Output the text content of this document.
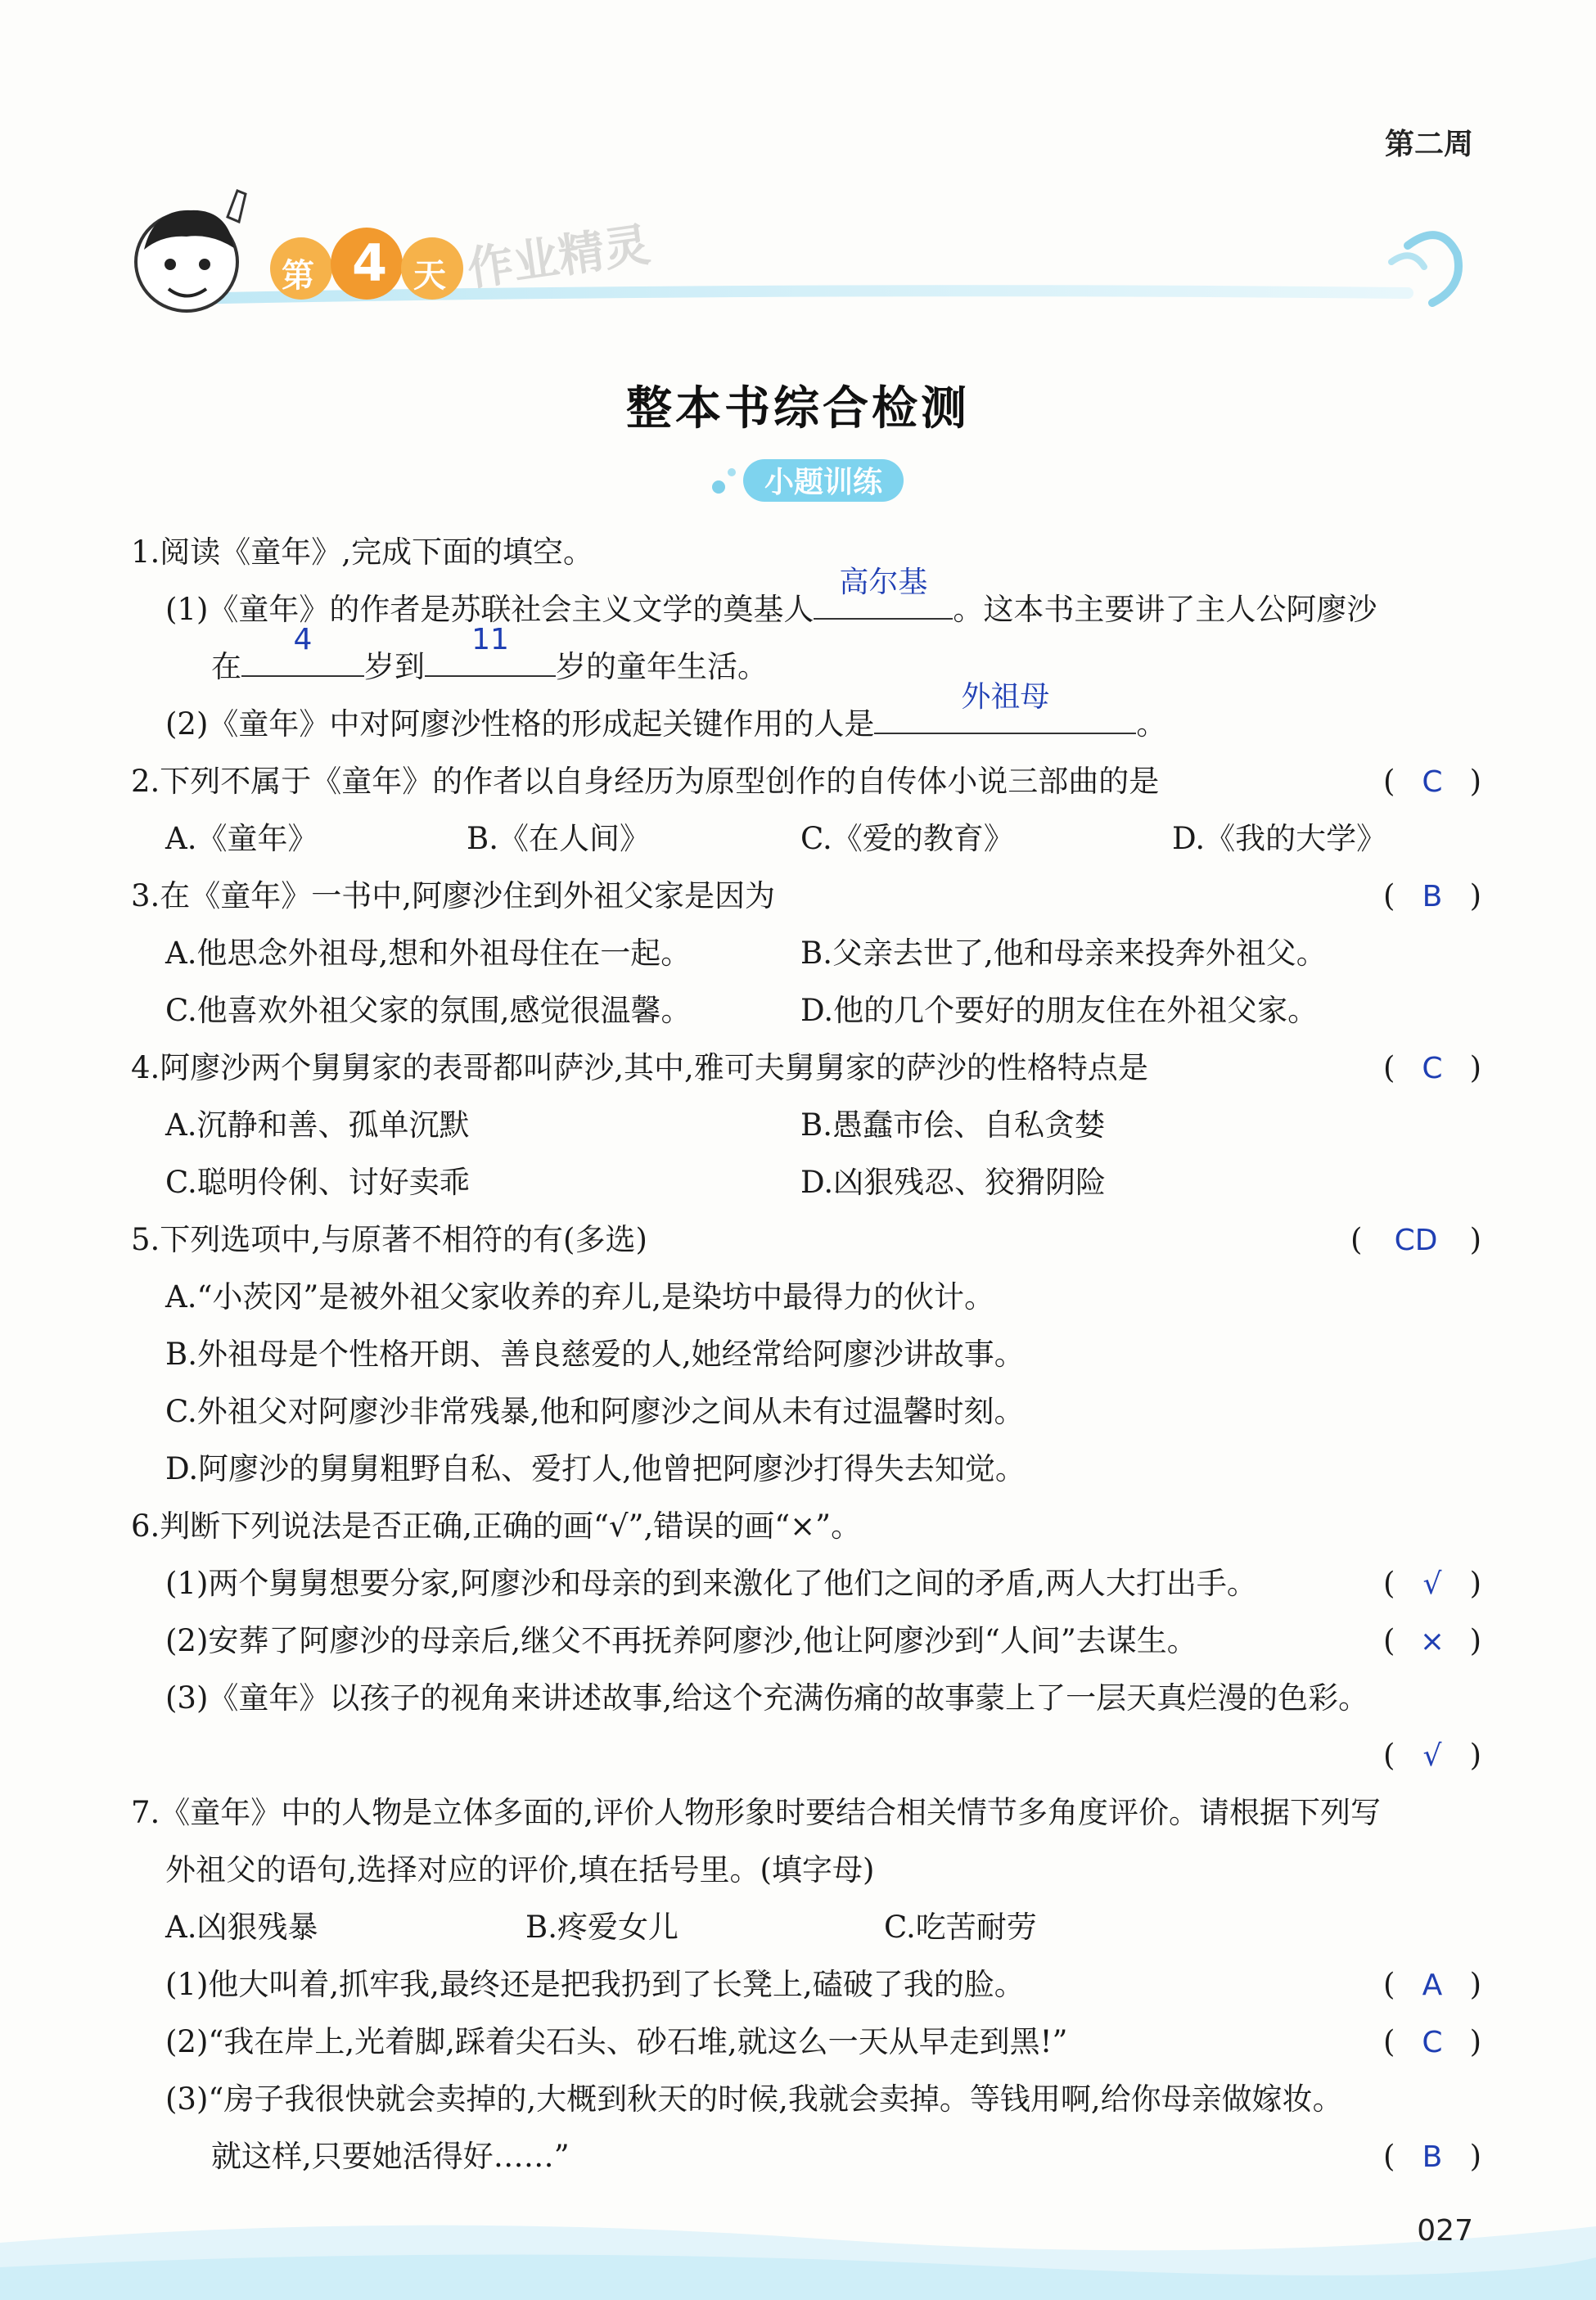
第二周
第 4 天 作业精灵
整本书综合检测
小题训练
1.阅读《童年》,完成下面的填空。
(1)《童年》的作者是苏联社会主义文学的奠基人
高尔基
。这本书主要讲了主人公阿廖沙
在
4
岁到
11
岁的童年生活。
(2)《童年》中对阿廖沙性格的形成起关键作用的人是
外祖母
。
2.下列不属于《童年》的作者以自身经历为原型创作的自传体小说三部曲的是	( C )
A.《童年》	B.《在人间》	C.《爱的教育》	D.《我的大学》
3.在《童年》一书中,阿廖沙住到外祖父家是因为	( B )
A.他思念外祖母,想和外祖母住在一起。	B.父亲去世了,他和母亲来投奔外祖父。
C.他喜欢外祖父家的氛围,感觉很温馨。	D.他的几个要好的朋友住在外祖父家。
4.阿廖沙两个舅舅家的表哥都叫萨沙,其中,雅可夫舅舅家的萨沙的性格特点是	( C )
A.沉静和善、孤单沉默	B.愚蠢市侩、自私贪婪
C.聪明伶俐、讨好卖乖	D.凶狠残忍、狡猾阴险
5.下列选项中,与原著不相符的有(多选)	( CD )
A.“小茨冈”是被外祖父家收养的弃儿,是染坊中最得力的伙计。
B.外祖母是个性格开朗、善良慈爱的人,她经常给阿廖沙讲故事。
C.外祖父对阿廖沙非常残暴,他和阿廖沙之间从未有过温馨时刻。
D.阿廖沙的舅舅粗野自私、爱打人,他曾把阿廖沙打得失去知觉。
6.判断下列说法是否正确,正确的画“√”,错误的画“×”。
(1)两个舅舅想要分家,阿廖沙和母亲的到来激化了他们之间的矛盾,两人大打出手。	( √ )
(2)安葬了阿廖沙的母亲后,继父不再抚养阿廖沙,他让阿廖沙到“人间”去谋生。	( × )
(3)《童年》以孩子的视角来讲述故事,给这个充满伤痛的故事蒙上了一层天真烂漫的色彩。
( √ )
7.《童年》中的人物是立体多面的,评价人物形象时要结合相关情节多角度评价。请根据下列写
外祖父的语句,选择对应的评价,填在括号里。(填字母)
A.凶狠残暴	B.疼爱女儿	C.吃苦耐劳
(1)他大叫着,抓牢我,最终还是把我扔到了长凳上,磕破了我的脸。	( A )
(2)“我在岸上,光着脚,踩着尖石头、砂石堆,就这么一天从早走到黑!”	( C )
(3)“房子我很快就会卖掉的,大概到秋天的时候,我就会卖掉。等钱用啊,给你母亲做嫁妆。
就这样,只要她活得好……”	( B )
027
